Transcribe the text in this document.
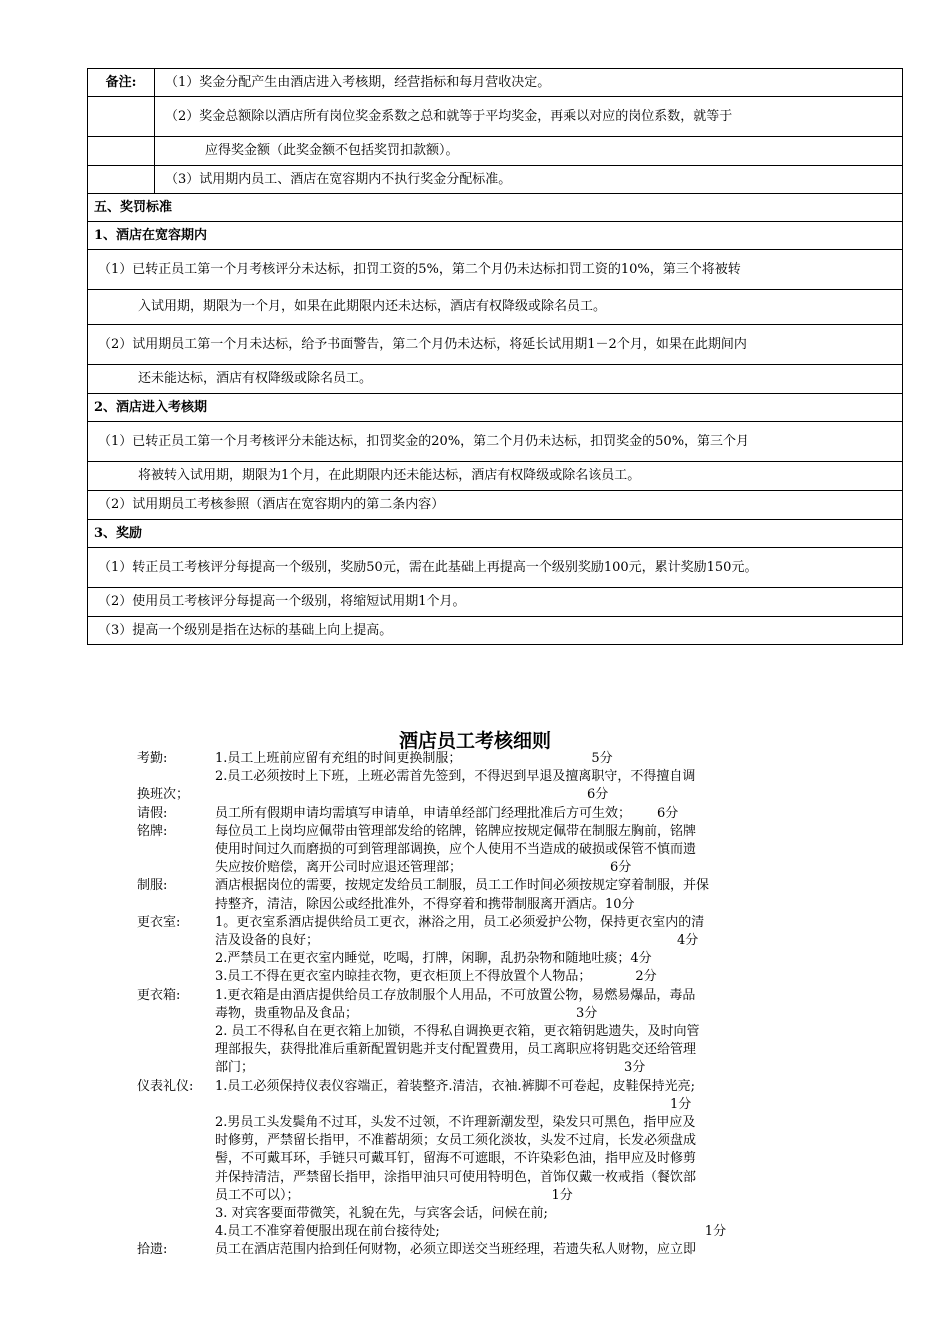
备注:	（1）奖金分配产生由酒店进入考核期，经营指标和每月营收决定。
	（2）奖金总额除以酒店所有岗位奖金系数之总和就等于平均奖金，再乘以对应的岗位系数，就等于
	应得奖金额（此奖金额不包括奖罚扣款额）。
	（3）试用期内员工、酒店在宽容期内不执行奖金分配标准。
五、奖罚标准	
1、酒店在宽容期内	
（1）已转正员工第一个月考核评分未达标，扣罚工资的5%，第二个月仍未达标扣罚工资的10%，第三个将被转	
入试用期，期限为一个月，如果在此期限内还未达标，酒店有权降级或除名员工。	
（2）试用期员工第一个月未达标，给予书面警告，第二个月仍未达标，将延长试用期1－2个月，如果在此期间内	
还未能达标，酒店有权降级或除名员工。	
2、酒店进入考核期	
（1）已转正员工第一个月考核评分未能达标，扣罚奖金的20%，第二个月仍未达标，扣罚奖金的50%，第三个月	
将被转入试用期，期限为1个月，在此期限内还未能达标，酒店有权降级或除名该员工。	
（2）试用期员工考核参照（酒店在宽容期内的第二条内容）	
3、奖励	
（1）转正员工考核评分每提高一个级别，奖励50元，需在此基础上再提高一个级别奖励100元，累计奖励150元。	
（2）使用员工考核评分每提高一个级别，将缩短试用期1个月。	
（3）提高一个级别是指在达标的基础上向上提高。	
酒店员工考核细则
考勤:	1.员工上班前应留有充组的时间更换制服；	5分
2.员工必须按时上下班，上班必需首先签到，不得迟到早退及擅离职守，不得擅自调
换班次；	6分
请假:	员工所有假期申请均需填写申请单，申请单经部门经理批准后方可生效； 6分
铭牌:	每位员工上岗均应佩带由管理部发给的铭牌，铭牌应按规定佩带在制服左胸前，铭牌
使用时间过久而磨损的可到管理部调换，应个人使用不当造成的破损或保管不慎而遗
失应按价赔偿，离开公司时应退还管理部；	6分
制服:	酒店根据岗位的需要，按规定发给员工制服，员工工作时间必须按规定穿着制服，并保
持整齐，清洁，除因公或经批准外，不得穿着和携带制服离开酒店。10分
更衣室:	1。更衣室系酒店提供给员工更衣，淋浴之用，员工必须爱护公物，保持更衣室内的清
洁及设备的良好；	4分
2.严禁员工在更衣室内睡觉，吃喝，打牌，闲聊，乱扔杂物和随地吐痰；4分
3.员工不得在更衣室内晾挂衣物，更衣柜顶上不得放置个人物品；	2分
更衣箱:	1.更衣箱是由酒店提供给员工存放制服个人用品，不可放置公物，易燃易爆品，毒品
毒物，贵重物品及食品；	3分
2. 员工不得私自在更衣箱上加锁，不得私自调换更衣箱，更衣箱钥匙遗失，及时向管
理部报失，获得批准后重新配置钥匙并支付配置费用，员工离职应将钥匙交还给管理
部门；	3分
仪表礼仪:	1.员工必须保持仪表仪容端正，着装整齐.清洁，衣袖.裤脚不可卷起，皮鞋保持光亮;
1分
2.男员工头发鬓角不过耳，头发不过领，不许理新潮发型，染发只可黑色，指甲应及
时修剪，严禁留长指甲，不准蓄胡须；女员工须化淡妆，头发不过肩，长发必须盘成
髻，不可戴耳环，手链只可戴耳钉，留海不可遮眼，不许染彩色油，指甲应及时修剪
并保持清洁，严禁留长指甲，涂指甲油只可使用特明色，首饰仅戴一枚戒指（餐饮部
员工不可以）；	1分
3. 对宾客要面带微笑，礼貌在先，与宾客会话，问候在前;
4.员工不准穿着便服出现在前台接待处;	1分
拾遗:	员工在酒店范围内拾到任何财物，必须立即送交当班经理，若遗失私人财物，应立即
